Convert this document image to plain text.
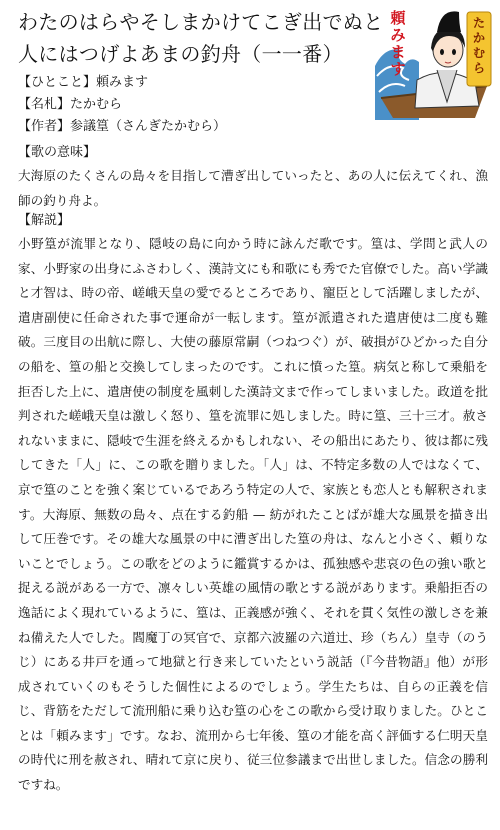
わたのはらやそしまかけてこぎ出でぬと
人にはつげよあまの釣舟（一一番）
頼みます
たかむら
【ひとこと】頼みます
【名札】たかむら
【作者】参議篁（さんぎたかむら）
【歌の意味】
大海原のたくさんの島々を目指して漕ぎ出していったと、あの人に伝えてくれ、漁師の釣り舟よ。
【解説】
小野篁が流罪となり、隠岐の島に向かう時に詠んだ歌です。篁は、学問と武人の家、小野家の出身にふさわしく、漢詩文にも和歌にも秀でた官僚でした。高い学識と才智は、時の帝、嵯峨天皇の愛でるところであり、寵臣として活躍しましたが、遣唐副使に任命された事で運命が一転します。篁が派遣された遣唐使は二度も難破。三度目の出航に際し、大使の藤原常嗣（つねつぐ）が、破損がひどかった自分の船を、篁の船と交換してしまったのです。これに憤った篁。病気と称して乗船を拒否した上に、遣唐使の制度を風刺した漢詩文まで作ってしまいました。政道を批判された嵯峨天皇は激しく怒り、篁を流罪に処しました。時に篁、三十三才。赦されないままに、隠岐で生涯を終えるかもしれない、その船出にあたり、彼は都に残してきた「人」に、この歌を贈りました。「人」は、不特定多数の人ではなくて、京で篁のことを強く案じているであろう特定の人で、家族とも恋人とも解釈されます。大海原、無数の島々、点在する釣船 — 紡がれたことばが雄大な風景を描き出して圧巻です。その雄大な風景の中に漕ぎ出した篁の舟は、なんと小さく、頼りないことでしょう。この歌をどのように鑑賞するかは、孤独感や悲哀の色の強い歌と捉える説がある一方で、凛々しい英雄の風情の歌とする説があります。乗船拒否の逸話によく現れているように、篁は、正義感が強く、それを貫く気性の激しさを兼ね備えた人でした。閻魔丁の冥官で、京都六波羅の六道辻、珍（ちん）皇寺（のうじ）にある井戸を通って地獄と行き来していたという説話（『今昔物語』他）が形成されていくのもそうした個性によるのでしょう。学生たちは、自らの正義を信じ、背筋をただして流刑船に乗り込む篁の心をこの歌から受け取りました。ひとことは「頼みます」です。なお、流刑から七年後、篁の才能を高く評価する仁明天皇の時代に刑を赦され、晴れて京に戻り、従三位参議まで出世しました。信念の勝利ですね。
